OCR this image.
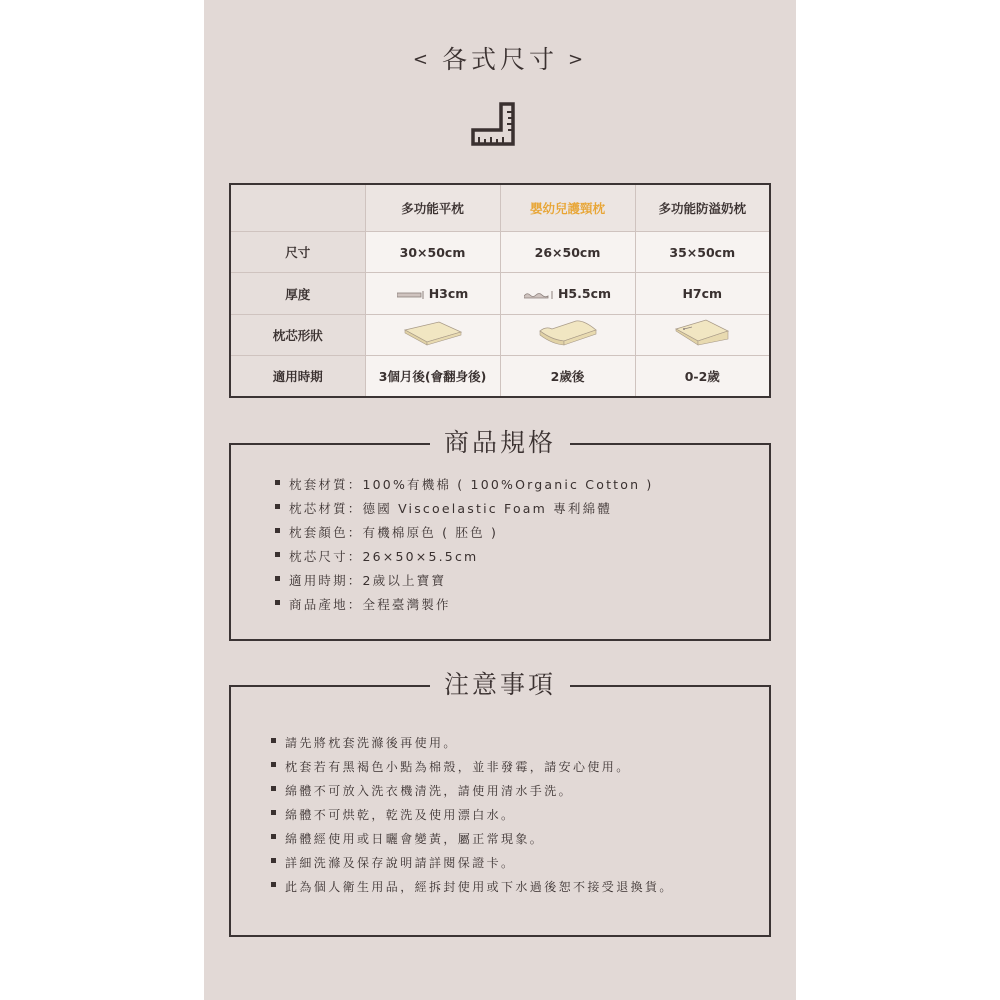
< 各式尺寸 >
	多功能平枕	嬰幼兒護頸枕	多功能防溢奶枕
尺寸	30×50cm	26×50cm	35×50cm
厚度	H3cm	H5.5cm	H7cm
枕芯形狀			
適用時期	3個月後(會翻身後)	2歲後	0-2歲
商品規格
枕套材質：100%有機棉 ( 100%Organic Cotton )
枕芯材質：德國 Viscoelastic Foam 專利綿體
枕套顏色：有機棉原色 ( 胚色 )
枕芯尺寸：26×50×5.5cm
適用時期：2歲以上寶寶
商品產地：全程臺灣製作
注意事項
請先將枕套洗滌後再使用。
枕套若有黑褐色小點為棉殼，並非發霉，請安心使用。
綿體不可放入洗衣機清洗，請使用清水手洗。
綿體不可烘乾，乾洗及使用漂白水。
綿體經使用或日曬會變黃，屬正常現象。
詳細洗滌及保存說明請詳閱保證卡。
此為個人衛生用品，經拆封使用或下水過後恕不接受退換貨。
